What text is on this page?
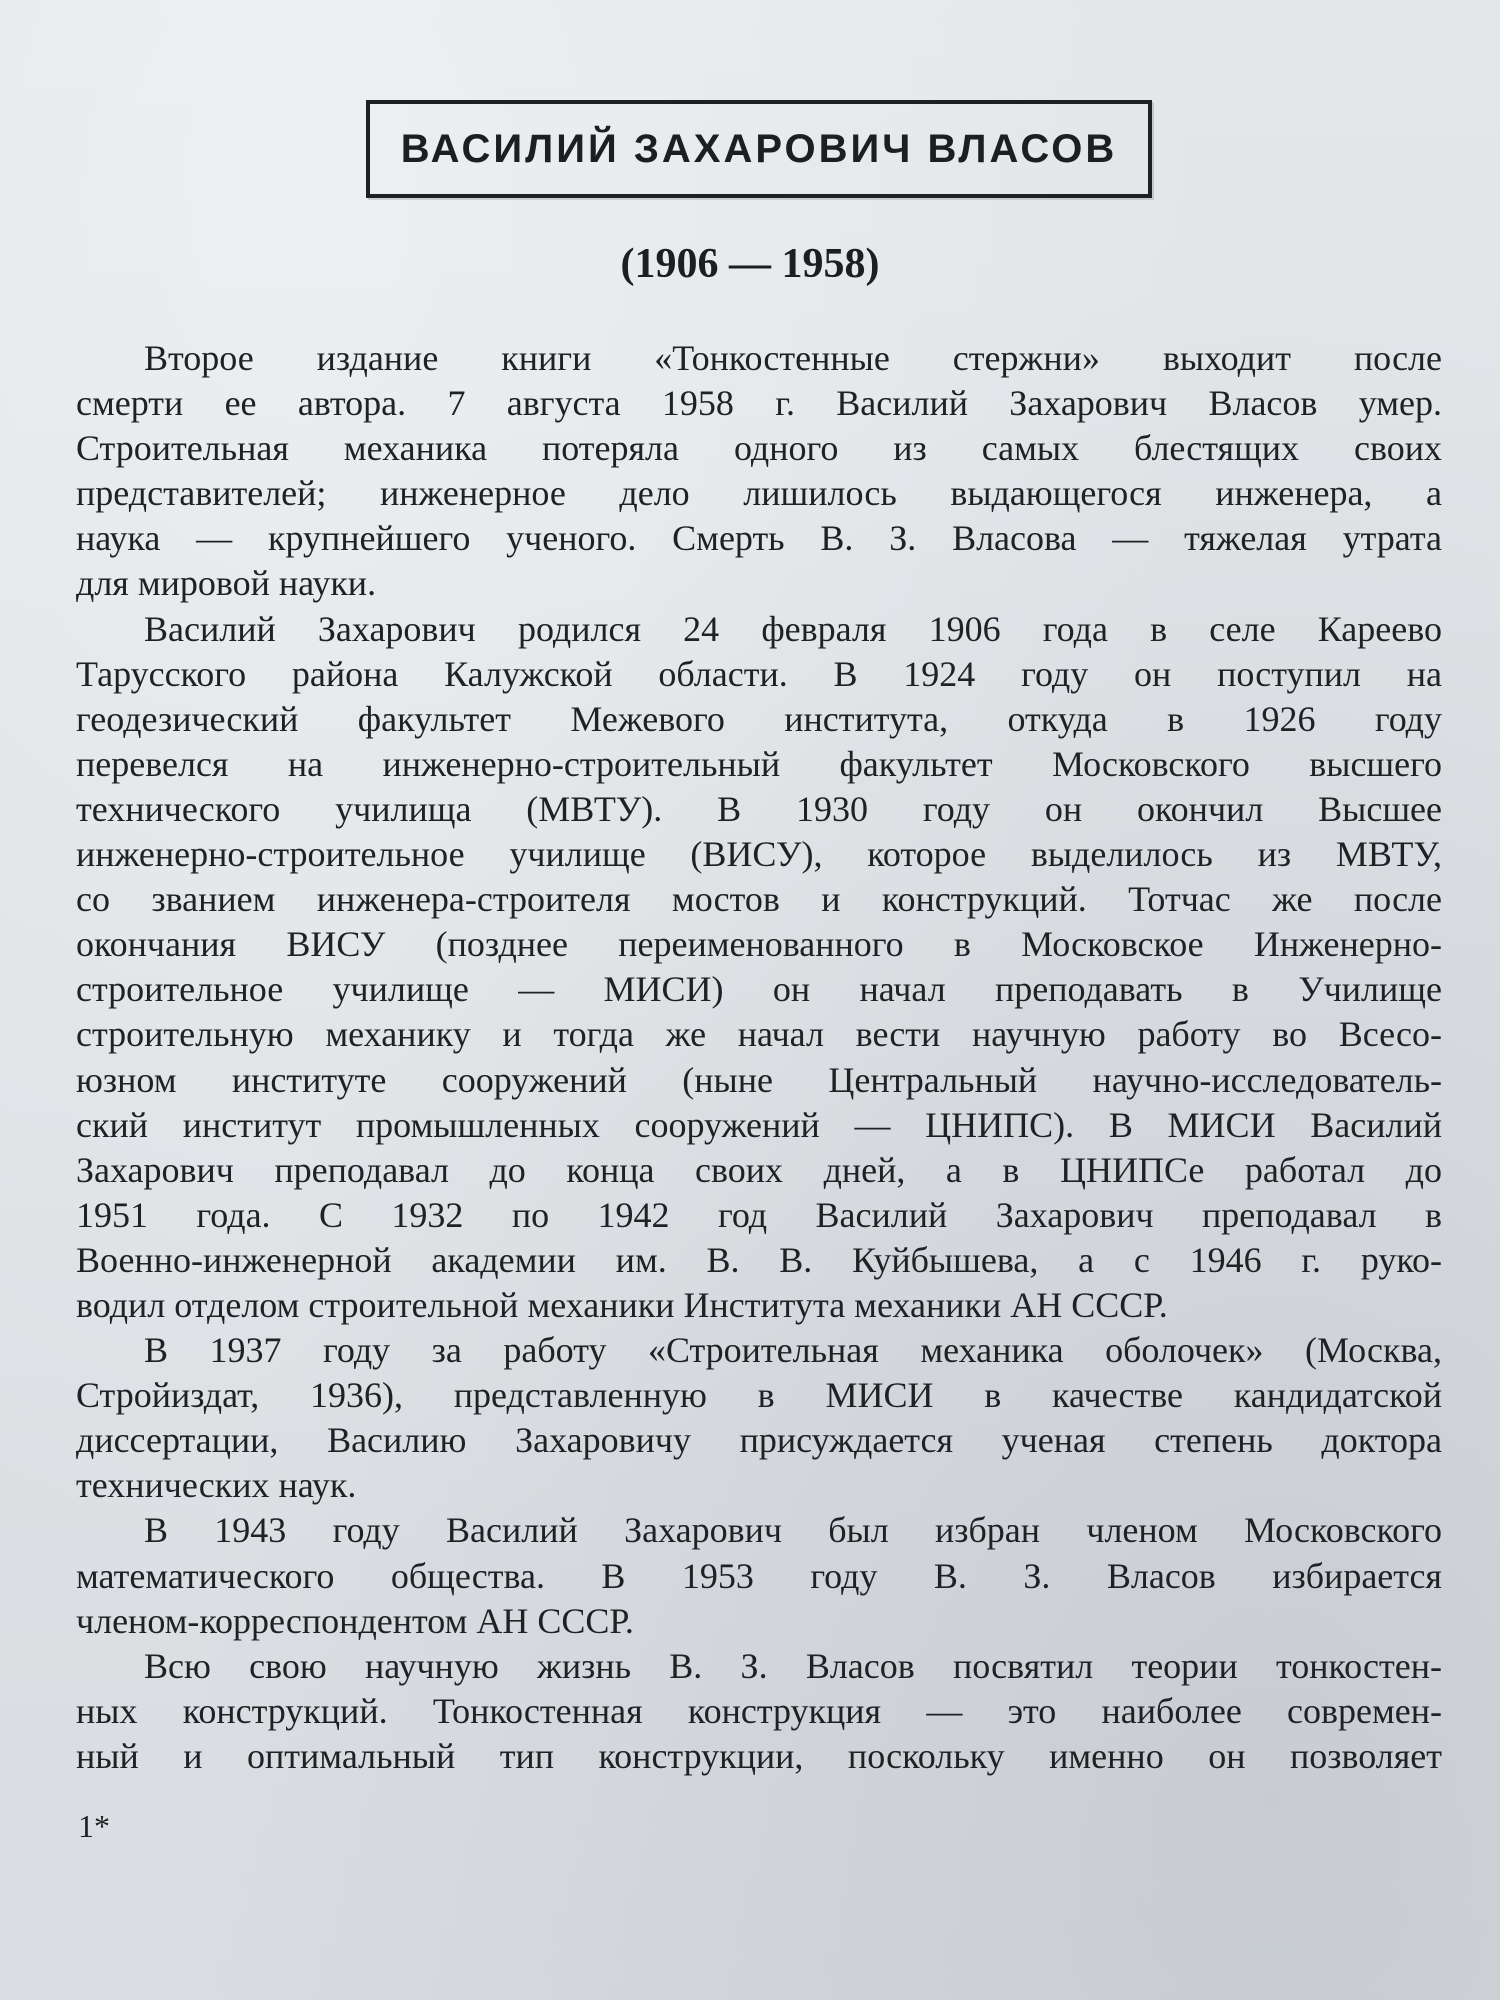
ВАСИЛИЙ ЗАХАРОВИЧ ВЛАСОВ
(1906 — 1958)
Второе издание книги «Тонкостенные стержни» выходит после
смерти ее автора. 7 августа 1958 г. Василий Захарович Власов умер.
Строительная механика потеряла одного из самых блестящих своих
представителей; инженерное дело лишилось выдающегося инженера, а
наука — крупнейшего ученого. Смерть В. З. Власова — тяжелая утрата
для мировой науки.
Василий Захарович родился 24 февраля 1906 года в селе Кареево
Тарусского района Калужской области. В 1924 году он поступил на
геодезический факультет Межевого института, откуда в 1926 году
перевелся на инженерно-строительный факультет Московского высшего
технического училища (МВТУ). В 1930 году он окончил Высшее
инженерно-строительное училище (ВИСУ), которое выделилось из МВТУ,
со званием инженера-строителя мостов и конструкций. Тотчас же после
окончания ВИСУ (позднее переименованного в Московское Инженерно-
строительное училище — МИСИ) он начал преподавать в Училище
строительную механику и тогда же начал вести научную работу во Всесо-
юзном институте сооружений (ныне Центральный научно-исследователь-
ский институт промышленных сооружений — ЦНИПС). В МИСИ Василий
Захарович преподавал до конца своих дней, а в ЦНИПСе работал до
1951 года. С 1932 по 1942 год Василий Захарович преподавал в
Военно-инженерной академии им. В. В. Куйбышева, а с 1946 г. руко-
водил отделом строительной механики Института механики АН СССР.
В 1937 году за работу «Строительная механика оболочек» (Москва,
Стройиздат, 1936), представленную в МИСИ в качестве кандидатской
диссертации, Василию Захаровичу присуждается ученая степень доктора
технических наук.
В 1943 году Василий Захарович был избран членом Московского
математического общества. В 1953 году В. З. Власов избирается
членом-корреспондентом АН СССР.
Всю свою научную жизнь В. З. Власов посвятил теории тонкостен-
ных конструкций. Тонкостенная конструкция — это наиболее современ-
ный и оптимальный тип конструкции, поскольку именно он позволяет
1*
